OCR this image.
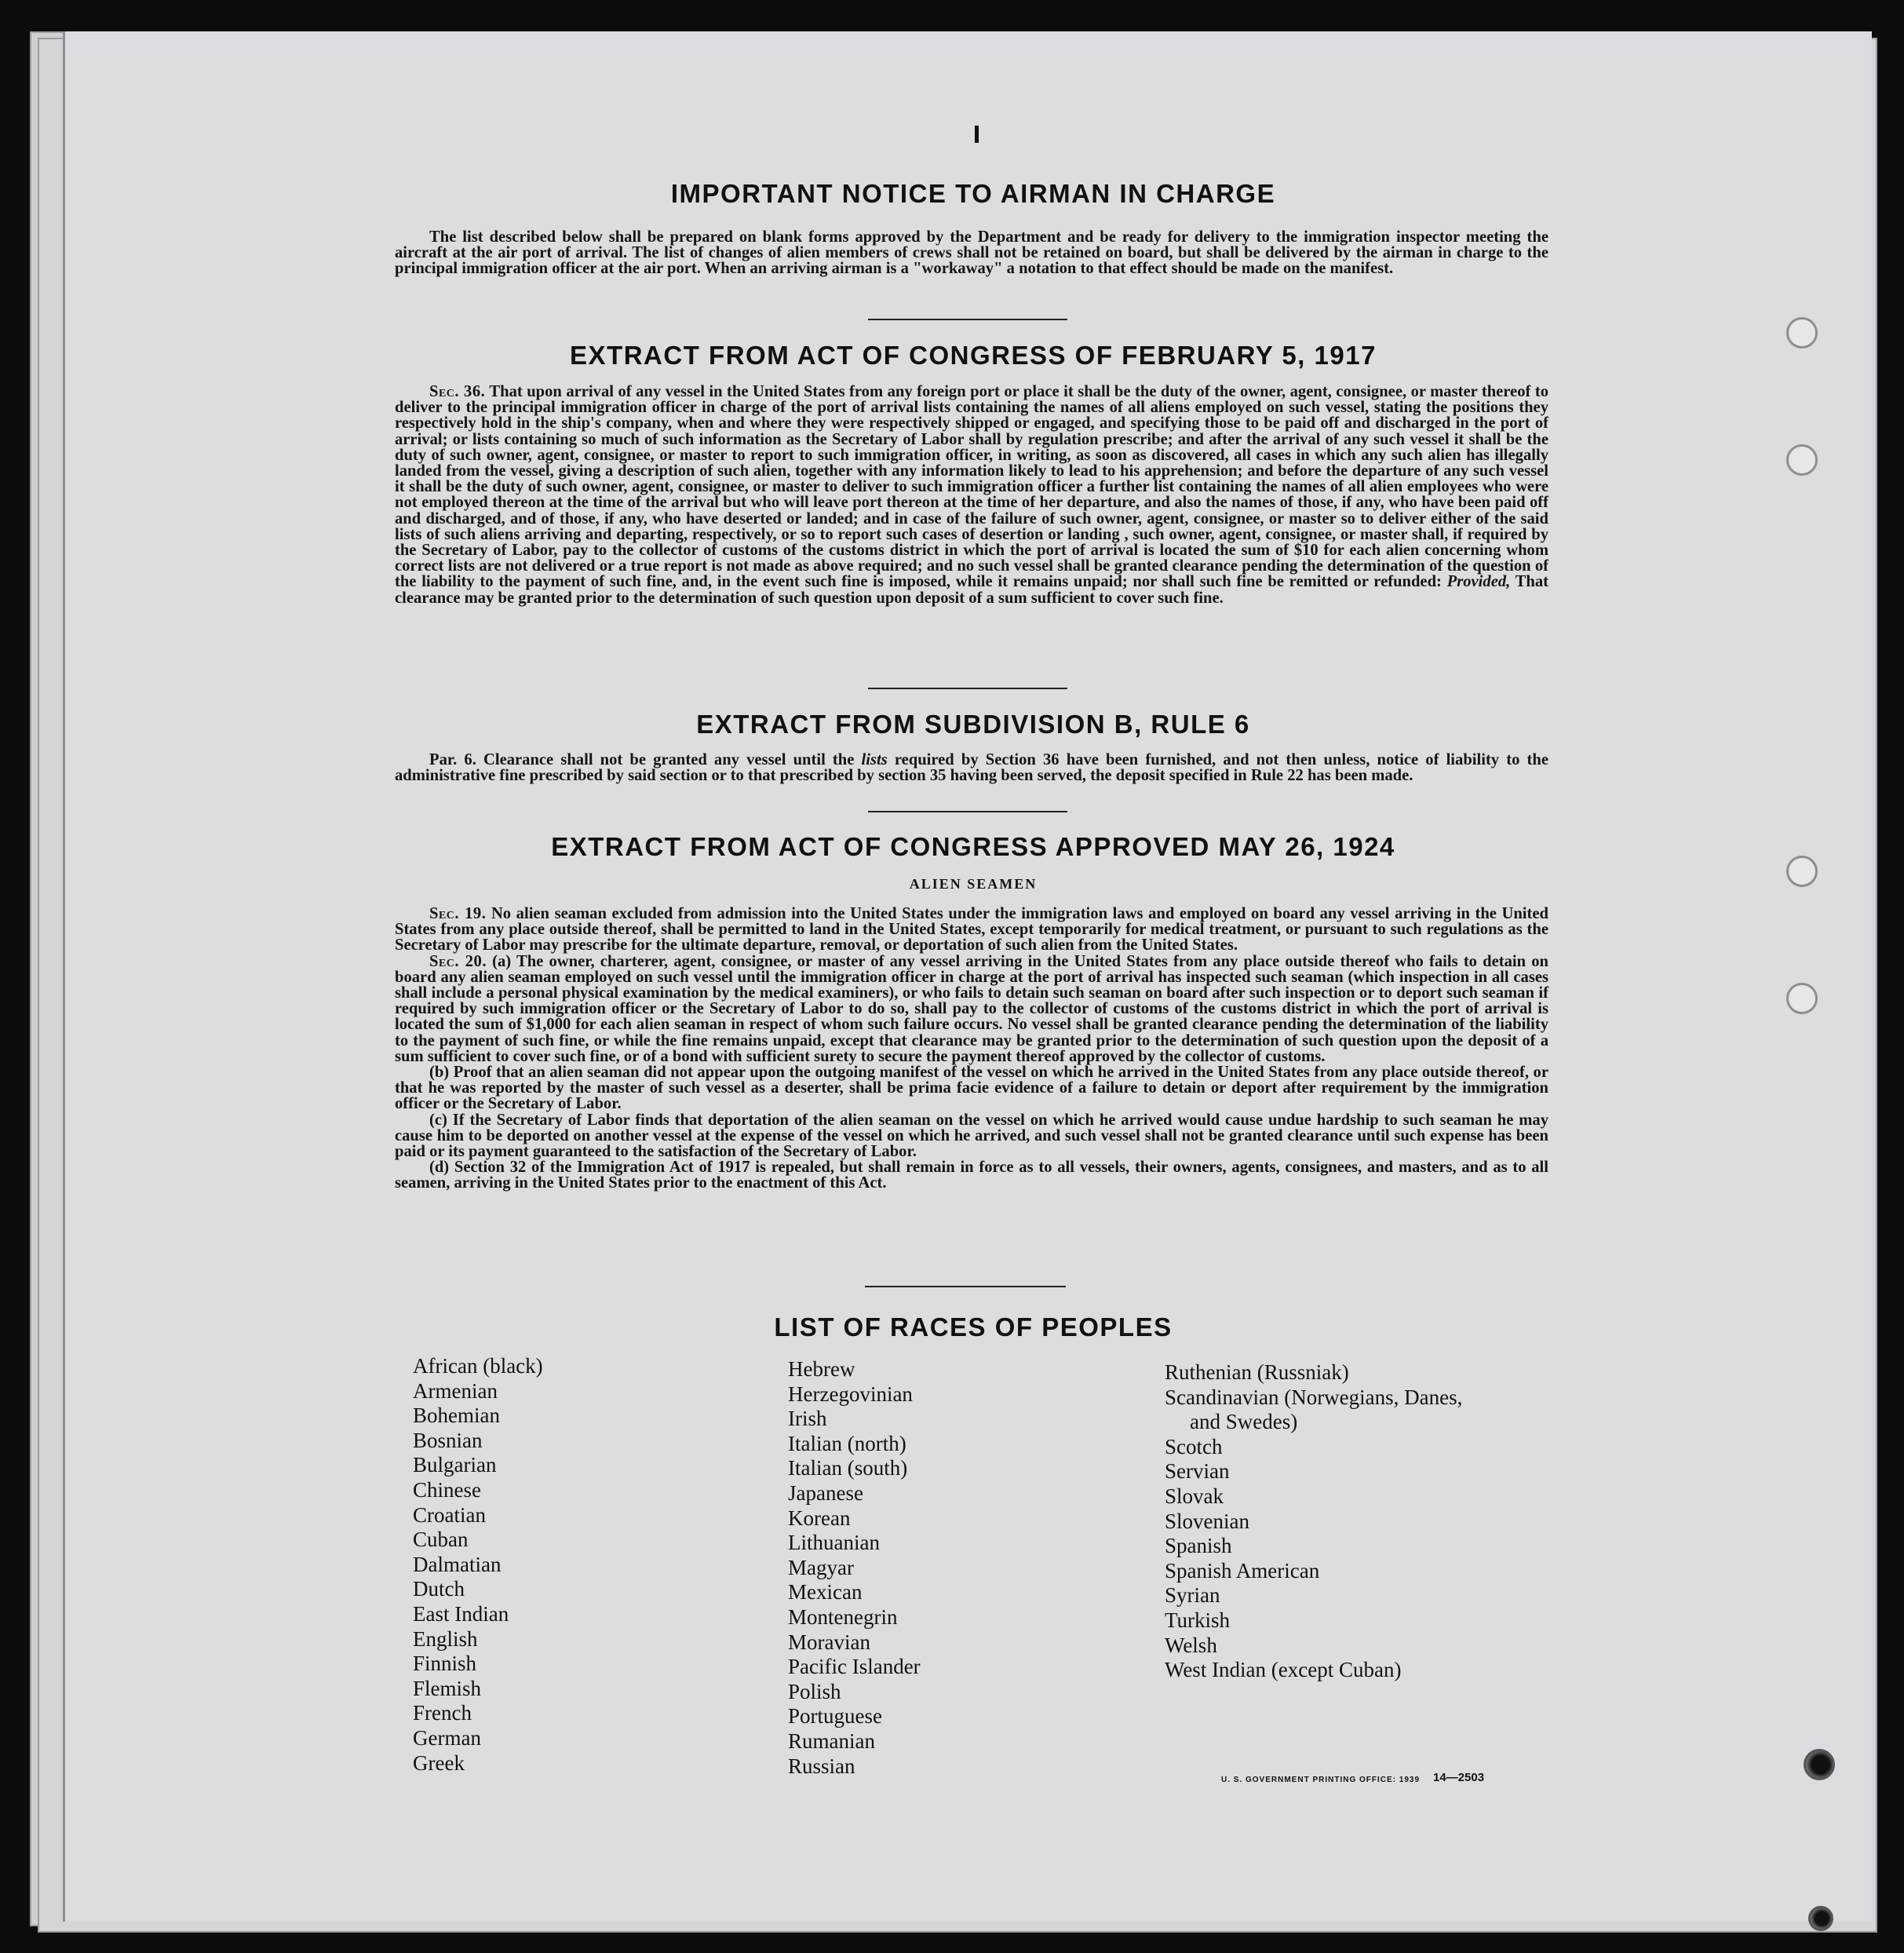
IMPORTANT NOTICE TO AIRMAN IN CHARGE

The list described below shall be prepared on blank forms approved by the Department and be ready for delivery to the immigration inspector meeting the aircraft at the air port of arrival. The list of changes of alien members of crews shall not be retained on board, but shall be delivered by the airman in charge to the principal immigration officer at the air port. When an arriving airman is a "workaway" a notation to that effect should be made on the manifest.

EXTRACT FROM ACT OF CONGRESS OF FEBRUARY 5, 1917

Sec. 36. That upon arrival of any vessel in the United States from any foreign port or place it shall be the duty of the owner, agent, consignee, or master thereof to deliver to the principal immigration officer in charge of the port of arrival lists containing the names of all aliens employed on such vessel, stating the positions they respectively hold in the ship's company, when and where they were respectively shipped or engaged, and specifying those to be paid off and discharged in the port of arrival; or lists containing so much of such information as the Secretary of Labor shall by regulation prescribe; and after the arrival of any such vessel it shall be the duty of such owner, agent, consignee, or master to report to such immigration officer, in writing, as soon as discovered, all cases in which any such alien has illegally landed from the vessel, giving a description of such alien, together with any information likely to lead to his apprehension; and before the departure of any such vessel it shall be the duty of such owner, agent, consignee, or master to deliver to such immigration officer a further list containing the names of all alien employees who were not employed thereon at the time of the arrival but who will leave port thereon at the time of her departure, and also the names of those, if any, who have been paid off and discharged, and of those, if any, who have deserted or landed; and in case of the failure of such owner, agent, consignee, or master so to deliver either of the said lists of such aliens arriving and departing, respectively, or so to report such cases of desertion or landing , such owner, agent, consignee, or master shall, if required by the Secretary of Labor, pay to the collector of customs of the customs district in which the port of arrival is located the sum of $10 for each alien concerning whom correct lists are not delivered or a true report is not made as above required; and no such vessel shall be granted clearance pending the determination of the question of the liability to the payment of such fine, and, in the event such fine is imposed, while it remains unpaid; nor shall such fine be remitted or refunded: Provided, That clearance may be granted prior to the determination of such question upon deposit of a sum sufficient to cover such fine.

EXTRACT FROM SUBDIVISION B, RULE 6

Par. 6. Clearance shall not be granted any vessel until the lists required by Section 36 have been furnished, and not then unless, notice of liability to the administrative fine prescribed by said section or to that prescribed by section 35 having been served, the deposit specified in Rule 22 has been made.

EXTRACT FROM ACT OF CONGRESS APPROVED MAY 26, 1924
ALIEN SEAMEN

Sec. 19. No alien seaman excluded from admission into the United States under the immigration laws and employed on board any vessel arriving in the United States from any place outside thereof, shall be permitted to land in the United States, except temporarily for medical treatment, or pursuant to such regulations as the Secretary of Labor may prescribe for the ultimate departure, removal, or deportation of such alien from the United States.

Sec. 20. (a) The owner, charterer, agent, consignee, or master of any vessel arriving in the United States from any place outside thereof who fails to detain on board any alien seaman employed on such vessel until the immigration officer in charge at the port of arrival has inspected such seaman (which inspection in all cases shall include a personal physical examination by the medical examiners), or who fails to detain such seaman on board after such inspection or to deport such seaman if required by such immigration officer or the Secretary of Labor to do so, shall pay to the collector of customs of the customs district in which the port of arrival is located the sum of $1,000 for each alien seaman in respect of whom such failure occurs. No vessel shall be granted clearance pending the determination of the liability to the payment of such fine, or while the fine remains unpaid, except that clearance may be granted prior to the determination of such question upon the deposit of a sum sufficient to cover such fine, or of a bond with sufficient surety to secure the payment thereof approved by the collector of customs.

(b) Proof that an alien seaman did not appear upon the outgoing manifest of the vessel on which he arrived in the United States from any place outside thereof, or that he was reported by the master of such vessel as a deserter, shall be prima facie evidence of a failure to detain or deport after requirement by the immigration officer or the Secretary of Labor.

(c) If the Secretary of Labor finds that deportation of the alien seaman on the vessel on which he arrived would cause undue hardship to such seaman he may cause him to be deported on another vessel at the expense of the vessel on which he arrived, and such vessel shall not be granted clearance until such expense has been paid or its payment guaranteed to the satisfaction of the Secretary of Labor.

(d) Section 32 of the Immigration Act of 1917 is repealed, but shall remain in force as to all vessels, their owners, agents, consignees, and masters, and as to all seamen, arriving in the United States prior to the enactment of this Act.

LIST OF RACES OF PEOPLES
African (black)
Armenian
Bohemian
Bosnian
Bulgarian
Chinese
Croatian
Cuban
Dalmatian
Dutch
East Indian
English
Finnish
Flemish
French
German
Greek
Hebrew
Herzegovinian
Irish
Italian (north)
Italian (south)
Japanese
Korean
Lithuanian
Magyar
Mexican
Montenegrin
Moravian
Pacific Islander
Polish
Portuguese
Rumanian
Russian
Ruthenian (Russniak)
Scandinavian (Norwegians, Danes,
and Swedes)
Scotch
Servian
Slovak
Slovenian
Spanish
Spanish American
Syrian
Turkish
Welsh
West Indian (except Cuban)
U. S. GOVERNMENT PRINTING OFFICE: 1939 14—2503
